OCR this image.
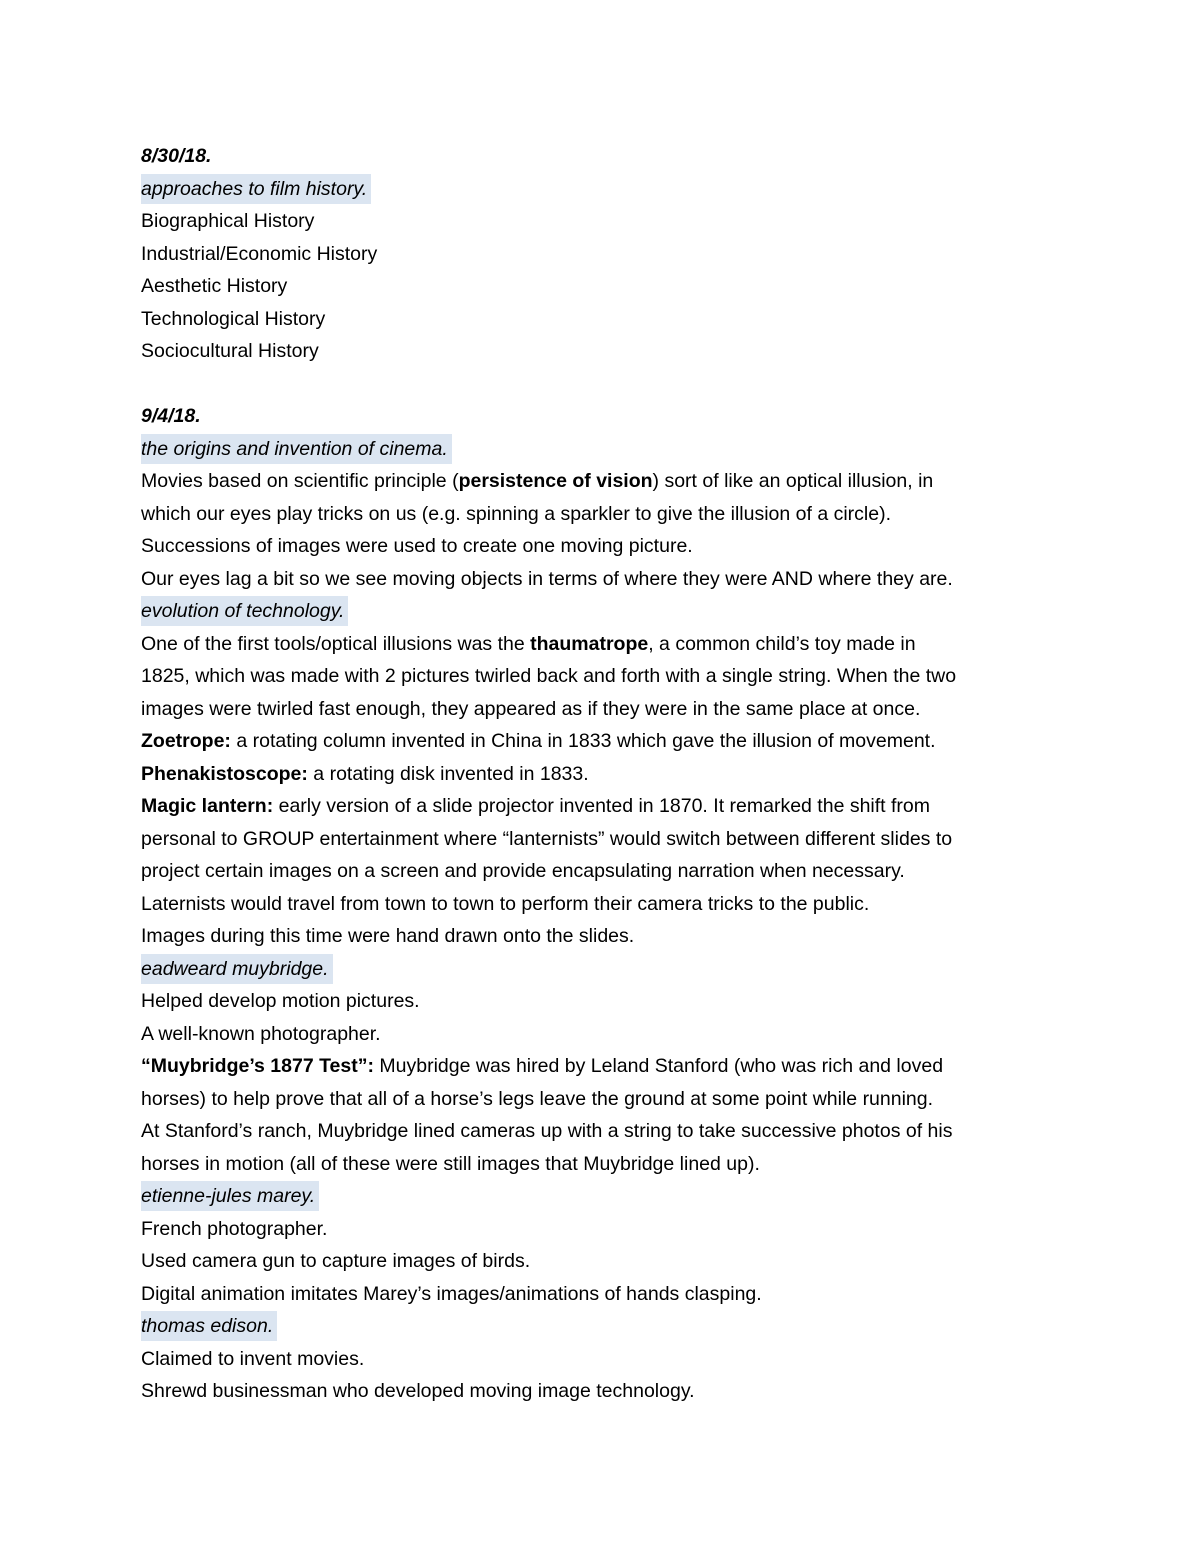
8/30/18.
approaches to film history.
Biographical History
Industrial/Economic History
Aesthetic History
Technological History
Sociocultural History
9/4/18.
the origins and invention of cinema.
Movies based on scientific principle (persistence of vision) sort of like an optical illusion, in
which our eyes play tricks on us (e.g. spinning a sparkler to give the illusion of a circle).
Successions of images were used to create one moving picture.
Our eyes lag a bit so we see moving objects in terms of where they were AND where they are.
evolution of technology.
One of the first tools/optical illusions was the thaumatrope, a common child’s toy made in
1825, which was made with 2 pictures twirled back and forth with a single string. When the two
images were twirled fast enough, they appeared as if they were in the same place at once.
Zoetrope: a rotating column invented in China in 1833 which gave the illusion of movement.
Phenakistoscope: a rotating disk invented in 1833.
Magic lantern: early version of a slide projector invented in 1870. It remarked the shift from
personal to GROUP entertainment where “lanternists” would switch between different slides to
project certain images on a screen and provide encapsulating narration when necessary.
Laternists would travel from town to town to perform their camera tricks to the public.
Images during this time were hand drawn onto the slides.
eadweard muybridge.
Helped develop motion pictures.
A well-known photographer.
“Muybridge’s 1877 Test”: Muybridge was hired by Leland Stanford (who was rich and loved
horses) to help prove that all of a horse’s legs leave the ground at some point while running.
At Stanford’s ranch, Muybridge lined cameras up with a string to take successive photos of his
horses in motion (all of these were still images that Muybridge lined up).
etienne-jules marey.
French photographer.
Used camera gun to capture images of birds.
Digital animation imitates Marey’s images/animations of hands clasping.
thomas edison.
Claimed to invent movies.
Shrewd businessman who developed moving image technology.
